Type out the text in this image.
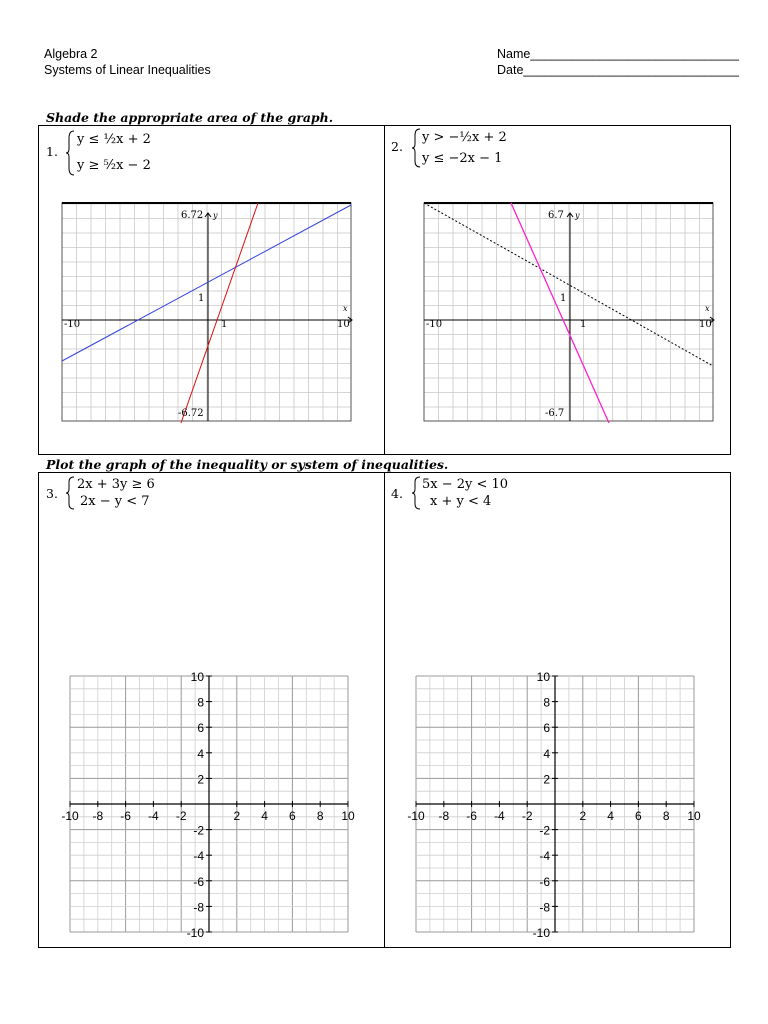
Algebra 2
Systems of Linear Inequalities
Name______________________________
Date_______________________________
Shade the appropriate area of the graph.
1.
y ≤ ½x + 2
y ≥ ⁵⁄₂x − 2
2.
y > −½x + 2
y ≤ −2x − 1
6.72 y
-6.72
-10	10
1
1
x
6.7 y
-6.7
-10	10
1
1
x
Plot the graph of the inequality or system of inequalities.
3.
2x + 3y ≥ 6
2x − y < 7
4.
5x − 2y < 10
x + y < 4
-10 -8 -6 -4 -2	2 4 6 8 10
10
8
6
4
2
-2
-4
-6
-8
-10
-10 -8 -6 -4 -2	2 4 6 8 10
10
8
6
4
2
-2
-4
-6
-8
-10
